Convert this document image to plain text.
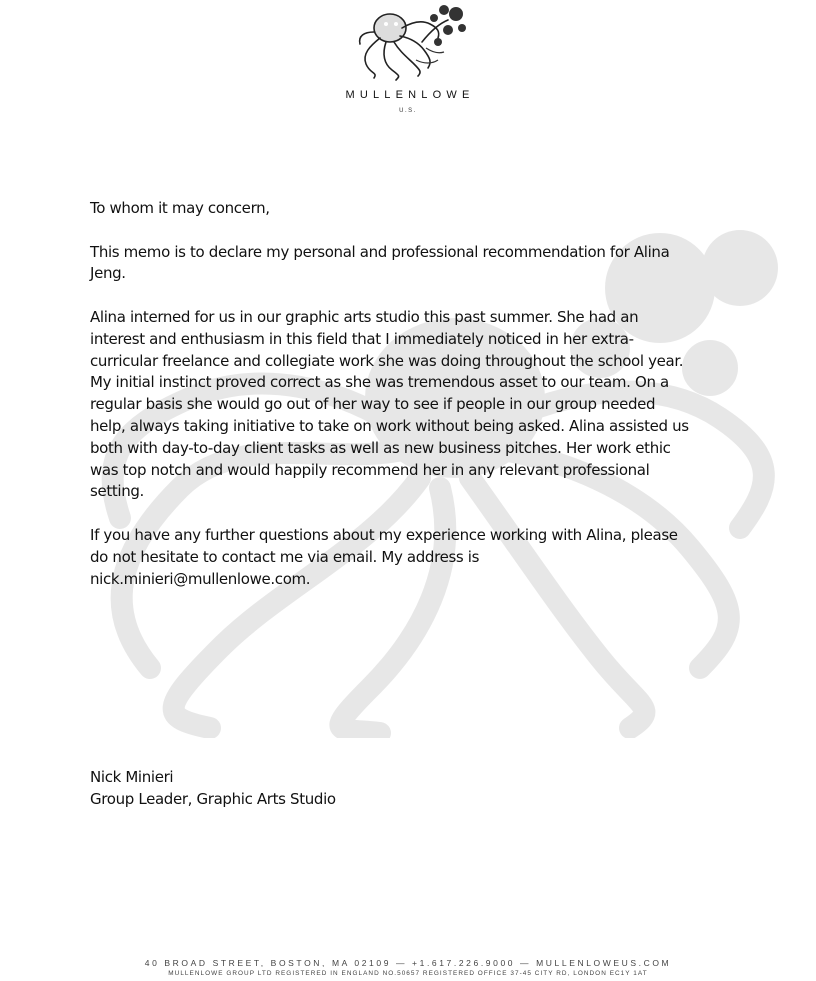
MULLENLOWE
U.S.

To whom it may concern,

This memo is to declare my personal and professional recommendation for Alina Jeng.

Alina interned for us in our graphic arts studio this past summer. She had an interest and enthusiasm in this field that I immediately noticed in her extra-curricular freelance and collegiate work she was doing throughout the school year. My initial instinct proved correct as she was tremendous asset to our team. On a regular basis she would go out of her way to see if people in our group needed help, always taking initiative to take on work without being asked. Alina assisted us both with day-to-day client tasks as well as new business pitches. Her work ethic was top notch and would happily recommend her in any relevant professional setting.

If you have any further questions about my experience working with Alina, please do not hesitate to contact me via email. My address is nick.minieri@mullenlowe.com.

Nick Minieri
Group Leader, Graphic Arts Studio
40 BROAD STREET, BOSTON, MA 02109 — +1.617.226.9000 — MULLENLOWEUS.COM
MULLENLOWE GROUP LTD REGISTERED IN ENGLAND NO.50657 REGISTERED OFFICE 37-45 CITY RD, LONDON EC1Y 1AT
